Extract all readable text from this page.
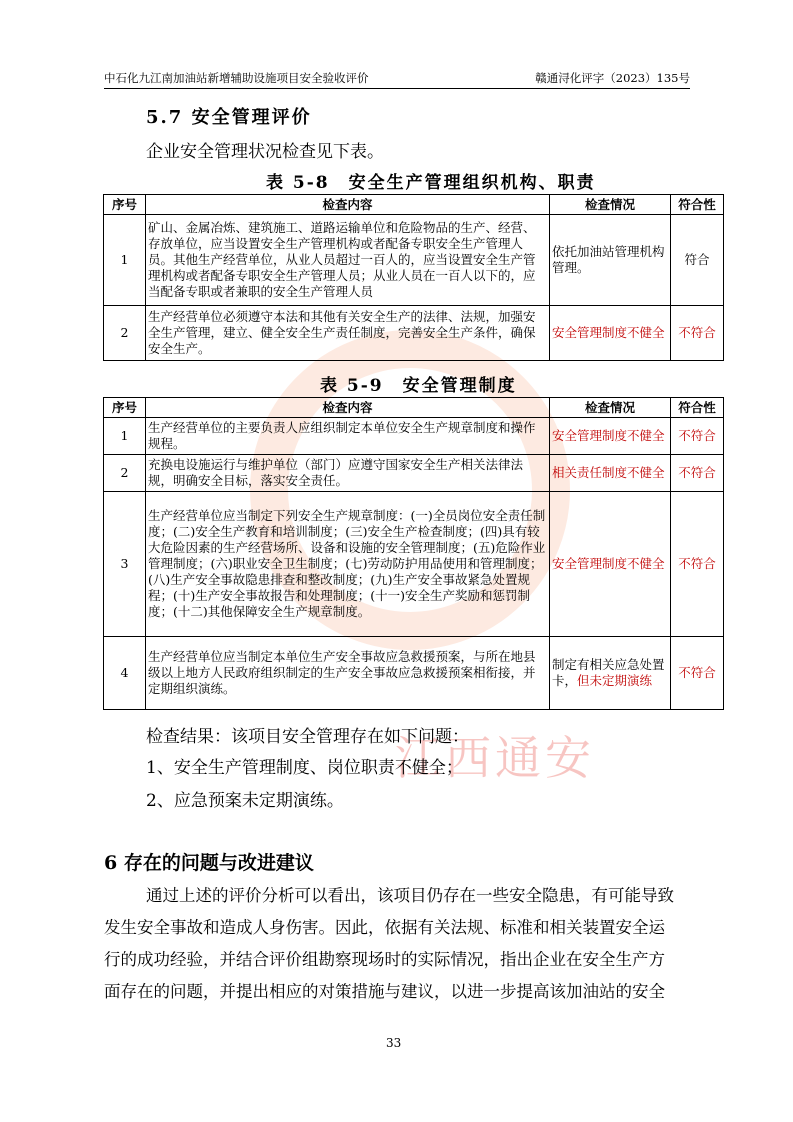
江西通安
中石化九江南加油站新增辅助设施项目安全验收评价	赣通浔化评字（2023）135号
5.7 安全管理评价
企业安全管理状况检查见下表。
表 5-8　安全生产管理组织机构、职责
序号	检查内容	检查情况	符合性
1	矿山、金属冶炼、建筑施工、道路运输单位和危险物品的生产、经营、存放单位，应当设置安全生产管理机构或者配备专职安全生产管理人员。其他生产经营单位，从业人员超过一百人的，应当设置安全生产管理机构或者配备专职安全生产管理人员；从业人员在一百人以下的，应当配备专职或者兼职的安全生产管理人员	依托加油站管理机构管理。	符合
2	生产经营单位必须遵守本法和其他有关安全生产的法律、法规，加强安全生产管理，建立、健全安全生产责任制度，完善安全生产条件，确保安全生产。	安全管理制度不健全	不符合
表 5-9　安全管理制度
序号	检查内容	检查情况	符合性
1	生产经营单位的主要负责人应组织制定本单位安全生产规章制度和操作规程。	安全管理制度不健全	不符合
2	充换电设施运行与维护单位（部门）应遵守国家安全生产相关法律法规，明确安全目标，落实安全责任。	相关责任制度不健全	不符合
3	生产经营单位应当制定下列安全生产规章制度：(一)全员岗位安全责任制度；(二)安全生产教育和培训制度；(三)安全生产检查制度；(四)具有较大危险因素的生产经营场所、设备和设施的安全管理制度；(五)危险作业管理制度；(六)职业安全卫生制度；(七)劳动防护用品使用和管理制度；(八)生产安全事故隐患排查和整改制度；(九)生产安全事故紧急处置规程；(十)生产安全事故报告和处理制度；(十一)安全生产奖励和惩罚制度；(十二)其他保障安全生产规章制度。	安全管理制度不健全	不符合
4	生产经营单位应当制定本单位生产安全事故应急救援预案，与所在地县级以上地方人民政府组织制定的生产安全事故应急救援预案相衔接，并定期组织演练。	制定有相关应急处置卡，但未定期演练	不符合
检查结果：该项目安全管理存在如下问题：
1、安全生产管理制度、岗位职责不健全；
2、应急预案未定期演练。
6 存在的问题与改进建议
通过上述的评价分析可以看出，该项目仍存在一些安全隐患，有可能导致
发生安全事故和造成人身伤害。因此，依据有关法规、标准和相关装置安全运
行的成功经验，并结合评价组勘察现场时的实际情况，指出企业在安全生产方
面存在的问题，并提出相应的对策措施与建议，以进一步提高该加油站的安全
33
